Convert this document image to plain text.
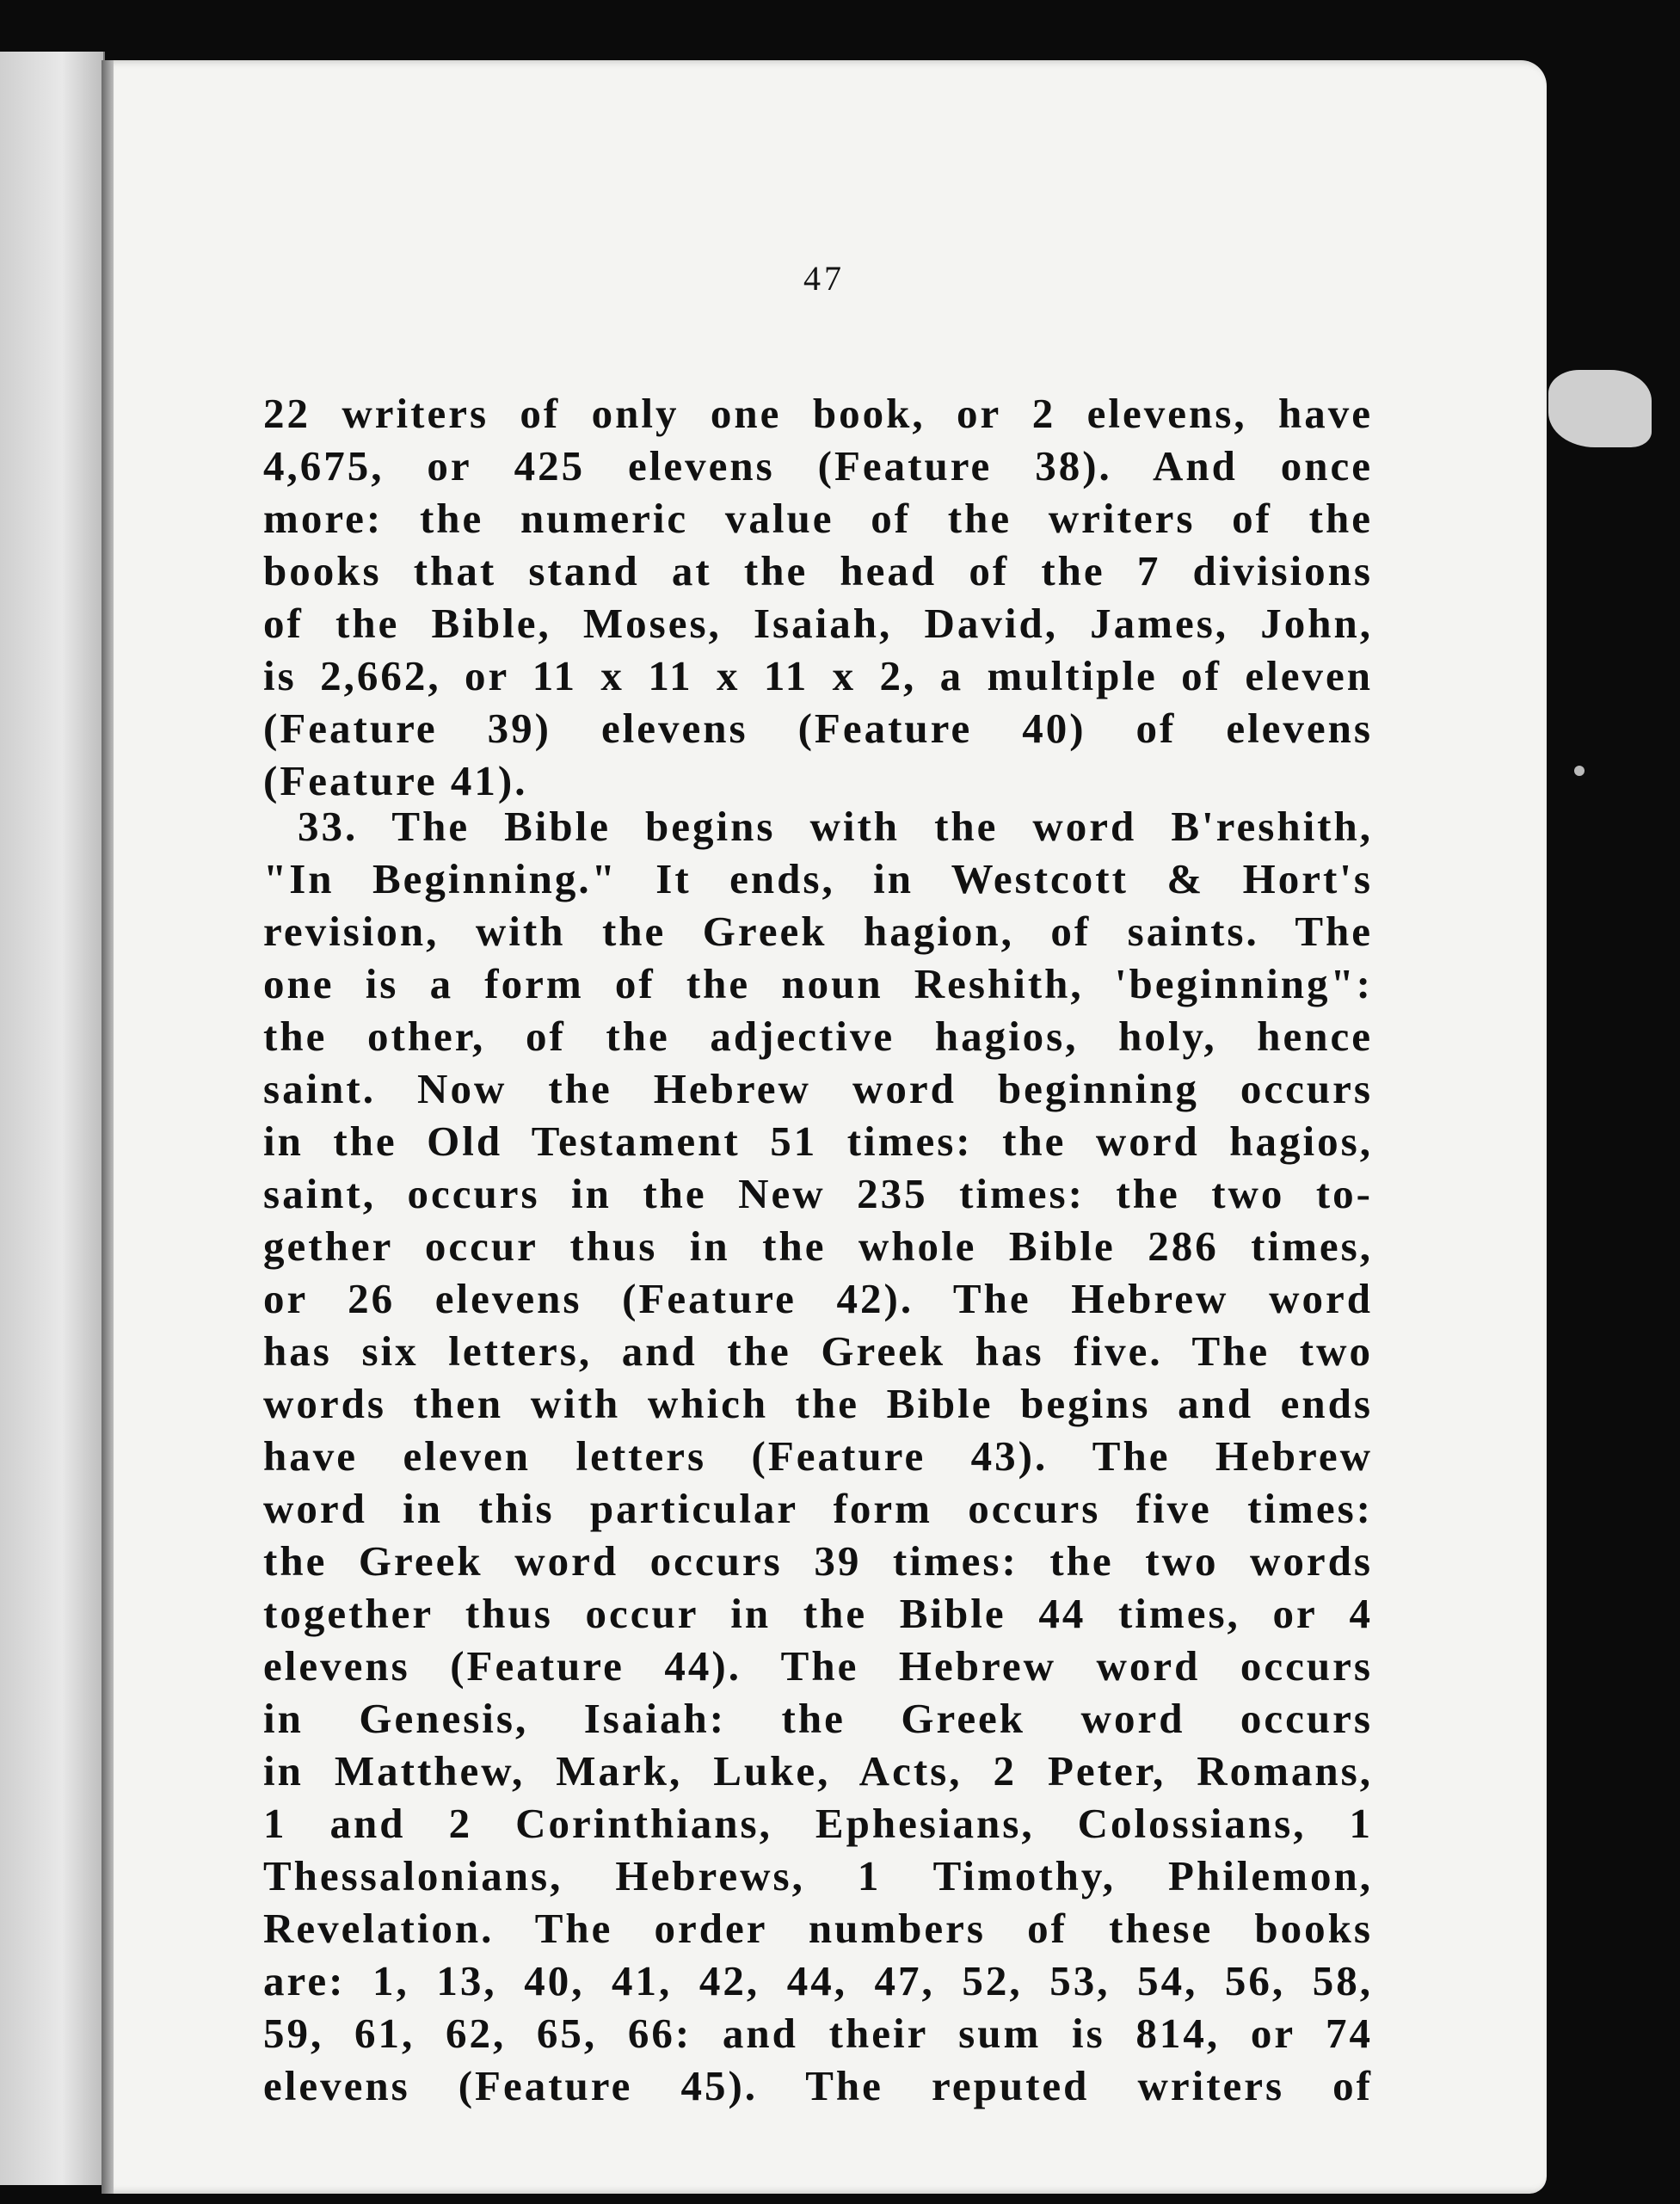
47
22 writers of only one book, or 2 elevens, have
4,675, or 425 elevens (Feature 38). And once
more: the numeric value of the writers of the
books that stand at the head of the 7 divisions
of the Bible, Moses, Isaiah, David, James, John,
is 2,662, or 11 x 11 x 11 x 2, a multiple of eleven
(Feature 39) elevens (Feature 40) of elevens
(Feature 41).
33. The Bible begins with the word B'reshith,
"In Beginning." It ends, in Westcott & Hort's
revision, with the Greek hagion, of saints. The
one is a form of the noun Reshith, 'beginning":
the other, of the adjective hagios, holy, hence
saint. Now the Hebrew word beginning occurs
in the Old Testament 51 times: the word hagios,
saint, occurs in the New 235 times: the two to-
gether occur thus in the whole Bible 286 times,
or 26 elevens (Feature 42). The Hebrew word
has six letters, and the Greek has five. The two
words then with which the Bible begins and ends
have eleven letters (Feature 43). The Hebrew
word in this particular form occurs five times:
the Greek word occurs 39 times: the two words
together thus occur in the Bible 44 times, or 4
elevens (Feature 44). The Hebrew word occurs
in Genesis, Isaiah: the Greek word occurs
in Matthew, Mark, Luke, Acts, 2 Peter, Romans,
1 and 2 Corinthians, Ephesians, Colossians, 1
Thessalonians, Hebrews, 1 Timothy, Philemon,
Revelation. The order numbers of these books
are: 1, 13, 40, 41, 42, 44, 47, 52, 53, 54, 56, 58,
59, 61, 62, 65, 66: and their sum is 814, or 74
elevens (Feature 45). The reputed writers of
